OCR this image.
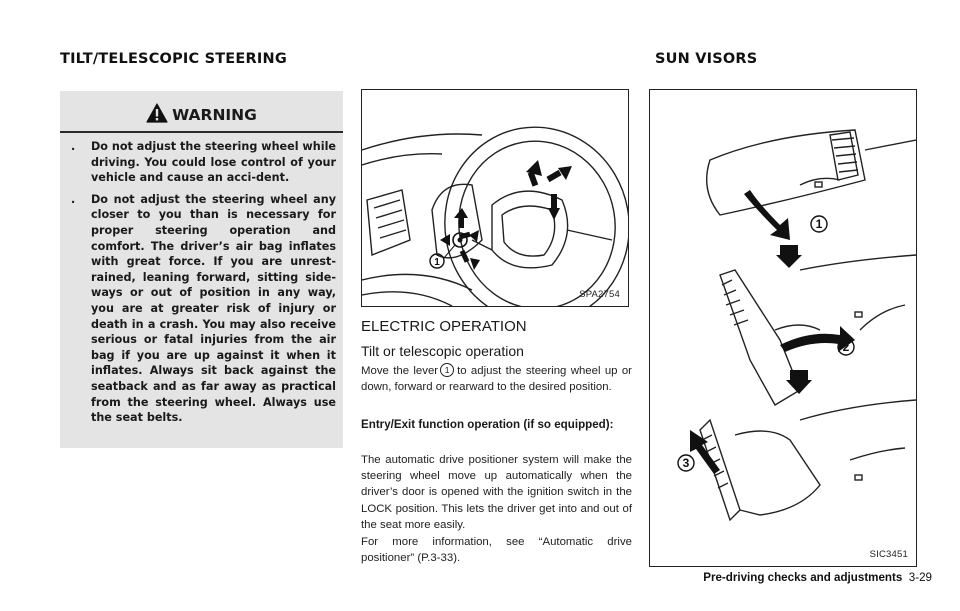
TILT/TELESCOPIC STEERING	SUN VISORS
WARNING
. Do not adjust the steering wheel while driving. You could lose control of your vehicle and cause an acci-dent.
. Do not adjust the steering wheel any closer to you than is necessary for proper steering operation and comfort. The driver’s air bag inflates with great force. If you are unrest-rained, leaning forward, sitting side-ways or out of position in any way, you are at greater risk of injury or death in a crash. You may also receive serious or fatal injuries from the air bag if you are up against it when it inflates. Always sit back against the seatback and as far away as practical from the steering wheel. Always use the seat belts.
1
SPA2754
ELECTRIC OPERATION
Tilt or telescopic operation
Move the lever 1 to adjust the steering wheel up or down, forward or rearward to the desired position.
Entry/Exit function operation (if so equipped):
The automatic drive positioner system will make the steering wheel move up automatically when the driver’s door is opened with the ignition switch in the LOCK position. This lets the driver get into and out of the seat more easily.
For more information, see “Automatic drive positioner” (P.3-33).
1
2
3
SIC3451
Pre-driving checks and adjustments 3-29
